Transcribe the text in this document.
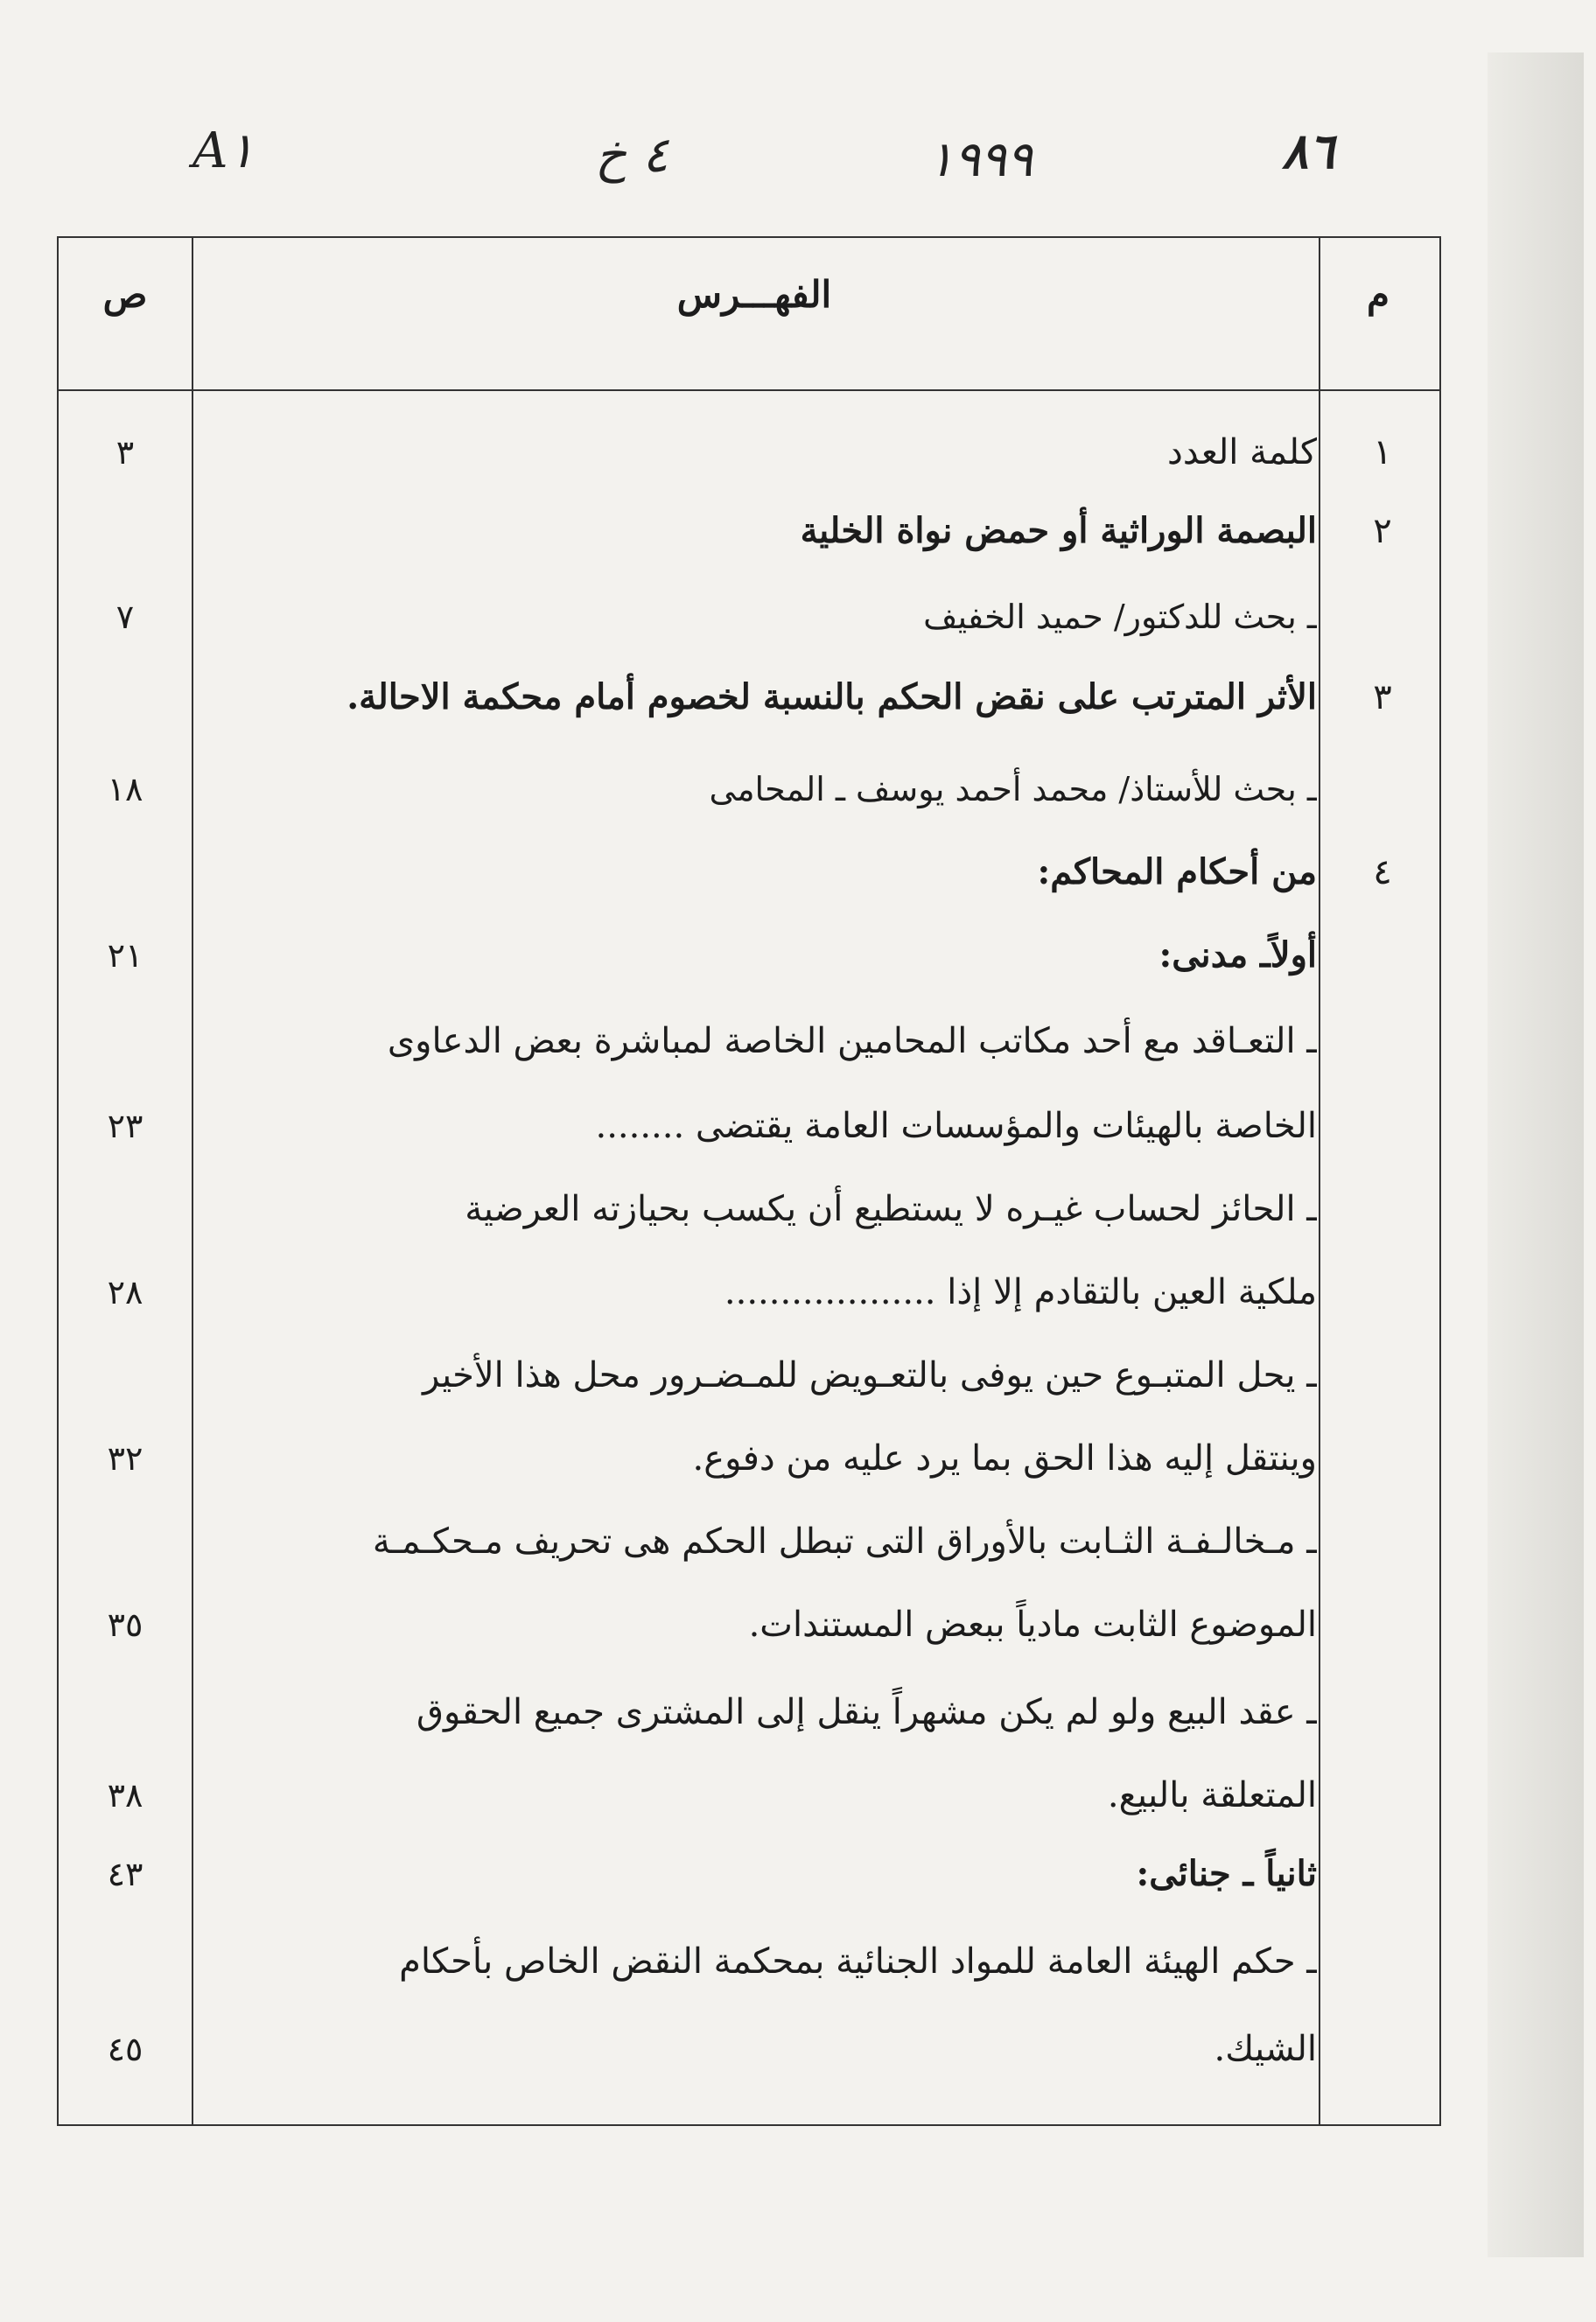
A١	٤ خ	١٩٩٩	٨٦
م
الفهـــرس
ص
١
كلمة العدد
٣
٢
البصمة الوراثية أو حمض نواة الخلية
ـ بحث للدكتور/ حميد الخفيف
٧
٣
الأثر المترتب على نقض الحكم بالنسبة لخصوم أمام محكمة الاحالة.
ـ بحث للأستاذ/ محمد أحمد يوسف ـ المحامى
١٨
٤
من أحكام المحاكم:
أولاًـ مدنى:
٢١
ـ التعـاقد مع أحد مكاتب المحامين الخاصة لمباشرة بعض الدعاوى
الخاصة بالهيئات والمؤسسات العامة يقتضى ........
٢٣
ـ الحائز لحساب غيـره لا يستطيع أن يكسب بحيازته العرضية
ملكية العين بالتقادم إلا إذا ...................
٢٨
ـ يحل المتبـوع حين يوفى بالتعـويض للمـضـرور محل هذا الأخير
وينتقل إليه هذا الحق بما يرد عليه من دفوع.
٣٢
ـ مـخالـفـة الثـابت بالأوراق التى تبطل الحكم هى تحريف مـحكـمـة
الموضوع الثابت مادياً ببعض المستندات.
٣٥
ـ عقد البيع ولو لم يكن مشهراً ينقل إلى المشترى جميع الحقوق
المتعلقة بالبيع.
٣٨
ثانياً ـ جنائى:
٤٣
ـ حكم الهيئة العامة للمواد الجنائية بمحكمة النقض الخاص بأحكام
الشيك.
٤٥
